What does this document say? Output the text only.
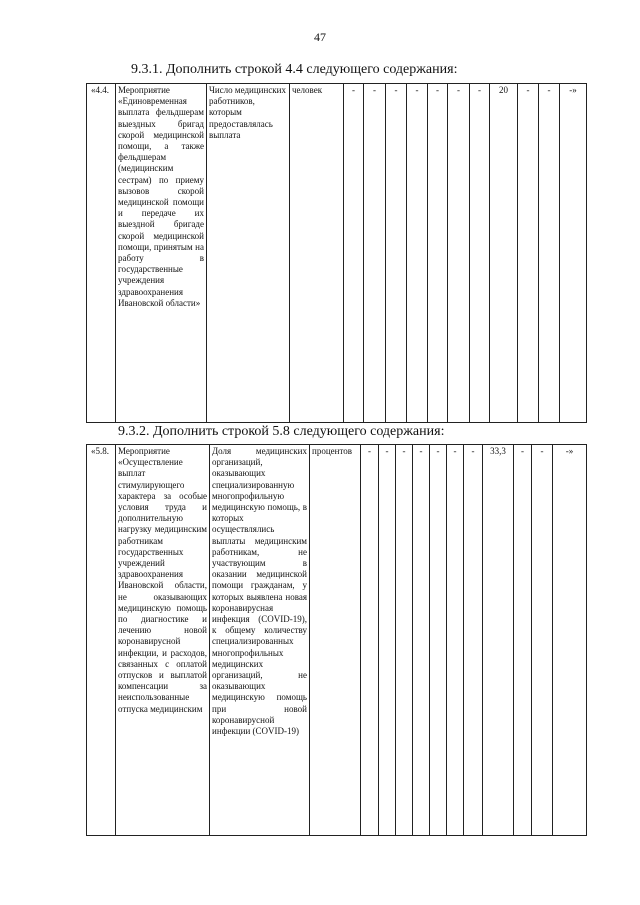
47
9.3.1. Дополнить строкой 4.4 следующего содержания:
«4.4.	Мероприятие «Единовременная выплата фельдшерам выездных бригад скорой медицинской помощи, а также фельдшерам (медицинским сестрам) по приему вызовов скорой медицинской помощи и передаче их выездной бригаде скорой медицинской помощи, принятым на работу в государственные учреждения здравоохранения Ивановской области»	Число медицинских работников, которым предоставлялась выплата	человек	-	-	-	-	-	-	-	20	-	-	-»
9.3.2. Дополнить строкой 5.8 следующего содержания:
«5.8.	Мероприятие «Осуществление выплат стимулирующего характера за особые условия труда и дополнительную нагрузку медицинским работникам государственных учреждений здравоохранения Ивановской области, не оказывающих медицинскую помощь по диагностике и лечению новой коронавирусной инфекции, и расходов, связанных с оплатой отпусков и выплатой компенсации за неиспользованные отпуска медицинским	Доля медицинских организаций, оказывающих специализированную многопрофильную медицинскую помощь, в которых осуществлялись выплаты медицинским работникам, не участвующим в оказании медицинской помощи гражданам, у которых выявлена новая коронавирусная инфекция (COVID-19), к общему количеству специализированных многопрофильных медицинских организаций, не оказывающих медицинскую помощь при новой коронавирусной инфекции (COVID-19)	процентов	-	-	-	-	-	-	-	33,3	-	-	-»
